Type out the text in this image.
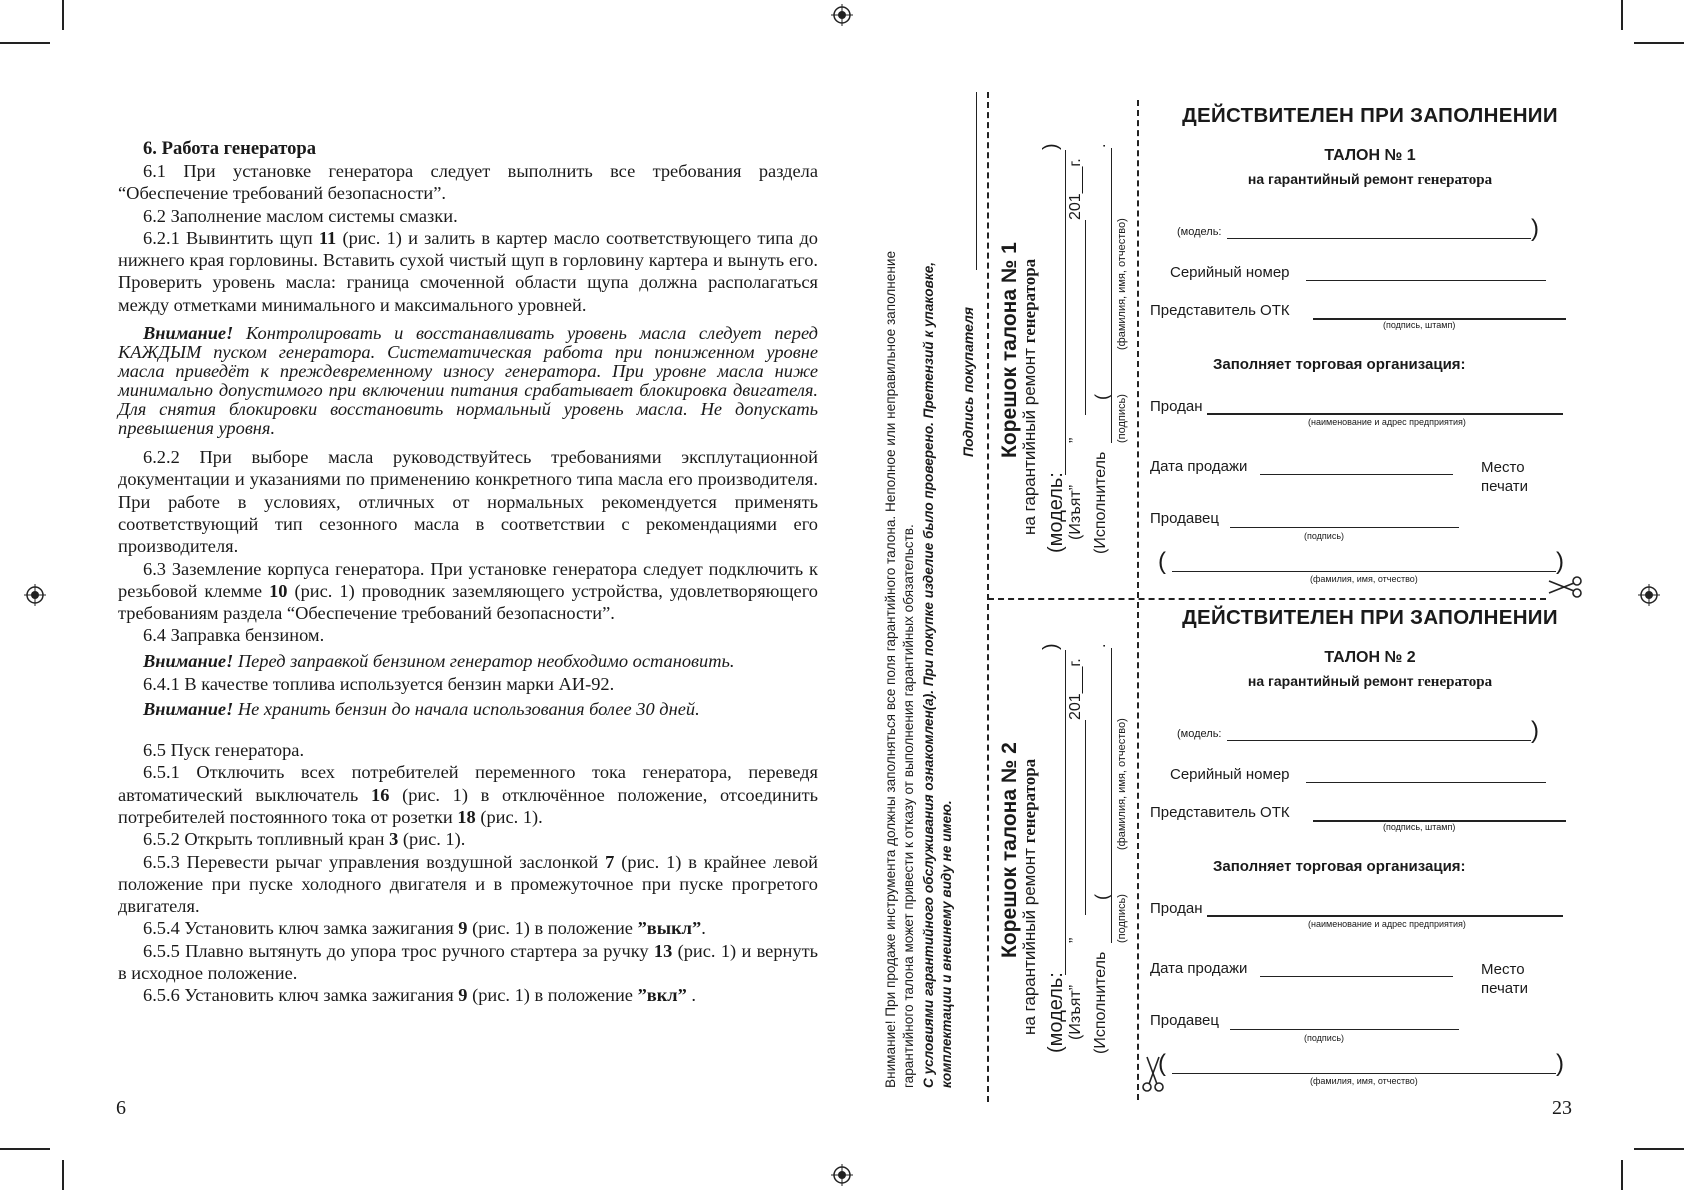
6. Работа генератора

6.1 При установке генератора следует выполнить все требования раздела “Обеспечение требований безопасности”.

6.2 Заполнение маслом системы смазки.

6.2.1 Вывинтить щуп 11 (рис. 1) и залить в картер масло соответствующего типа до нижнего края горловины. Вставить сухой чистый щуп в горловину картера и вынуть его. Проверить уровень масла: граница смоченной области щупа должна располагаться между отметками минимального и максимального уровней.

Внимание! Контролировать и восстанавливать уровень масла следует перед КАЖДЫМ пуском генератора. Систематическая работа при пониженном уровне масла приведёт к преждевременному износу генератора. При уровне масла ниже минимально допустимого при включении питания срабатывает блокировка двигателя. Для снятия блокировки восстановить нормальный уровень масла. Не допускать превышения уровня.

6.2.2 При выборе масла руководствуйтесь требованиями эксплутационной документации и указаниями по применению конкретного типа масла его производителя. При работе в условиях, отличных от нормальных рекомендуется применять соответствующий тип сезонного масла в соответствии с рекомендациями его производителя.

6.3 Заземление корпуса генератора. При установке генератора следует подключить к резьбовой клемме 10 (рис. 1) проводник заземляющего устройства, удовлетворяющего требованиям раздела “Обеспечение требований безопасности”.

6.4 Заправка бензином.

Внимание! Перед заправкой бензином генератор необходимо остановить.

6.4.1 В качестве топлива используется бензин марки АИ-92.

Внимание! Не хранить бензин до начала использования более 30 дней.

6.5 Пуск генератора.

6.5.1 Отключить всех потребителей переменного тока генератора, переведя автоматический выключатель 16 (рис. 1) в отключённое положение, отсоединить потребителей постоянного тока от розетки 18 (рис. 1).

6.5.2 Открыть топливный кран 3 (рис. 1).

6.5.3 Перевести рычаг управления воздушной заслонкой 7 (рис. 1) в крайнее левой положение при пуске холодного двигателя и в промежуточное при пуске прогретого двигателя.

6.5.4 Установить ключ замка зажигания 9 (рис. 1) в положение ”выкл”.

6.5.5 Плавно вытянуть до упора трос ручного стартера за ручку 13 (рис. 1) и вернуть в исходное положение.

6.5.6 Установить ключ замка зажигания 9 (рис. 1) в положение ”вкл” .

6
Внимание! При продаже инструмента должны заполняться все поля гарантийного талона. Неполное или неправильное заполнение гарантийного талона может привести к отказу от выполнения гарантийных обязательств. С условиями гарантийного обслуживания ознакомлен(а). При покупке изделие было проверено. Претензий к упаковке, комплектации и внешнему виду не имею.
Подпись покупателя Корешок талона № 1 на гарантийный ремонт генератора
(модель:
)
(Изъят”
”
201___г.
(Исполнитель
(
.
(подпись)
(фамилия, имя, отчество)
Корешок талона № 2 на гарантийный ремонт генератора
(модель:
)
(Изъят”
”
201___г.
(Исполнитель
(
.
(подпись)
(фамилия, имя, отчество)
ДЕЙСТВИТЕЛЕН ПРИ ЗАПОЛНЕНИИ
ТАЛОН № 1
на гарантийный ремонт генератора
(модель:	)
Серийный номер
Представитель ОТК
(подпись, штамп)
Заполняет торговая организация:
Продан
(наименование и адрес предприятия)
Дата продажи	Место
печати
Продавец
(подпись)
(	)
(фамилия, имя, отчество)
ДЕЙСТВИТЕЛЕН ПРИ ЗАПОЛНЕНИИ
ТАЛОН № 2
на гарантийный ремонт генератора
(модель:	)
Серийный номер
Представитель ОТК
(подпись, штамп)
Заполняет торговая организация:
Продан
(наименование и адрес предприятия)
Дата продажи	Место
печати
Продавец
(подпись)
(	)
(фамилия, имя, отчество)
23
